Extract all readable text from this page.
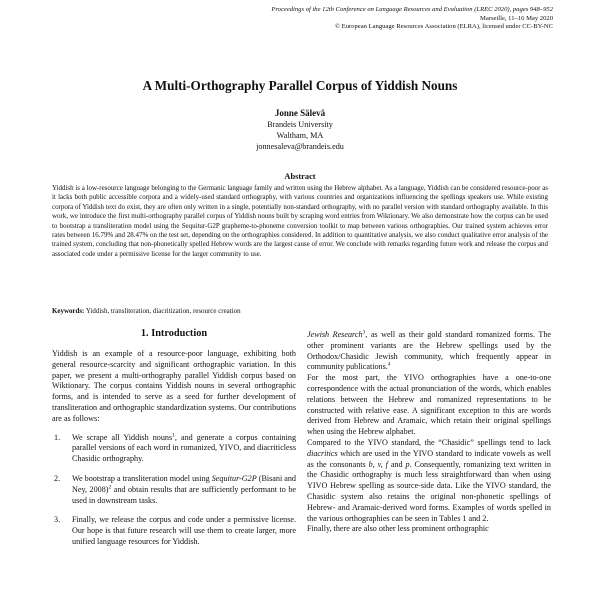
Proceedings of the 12th Conference on Language Resources and Evaluation (LREC 2020), pages 948–952
Marseille, 11–16 May 2020
© European Language Resources Association (ELRA), licensed under CC-BY-NC
A Multi-Orthography Parallel Corpus of Yiddish Nouns
Jonne Sälevä
Brandeis University
Waltham, MA
jonnesaleva@brandeis.edu
Abstract
Yiddish is a low-resource language belonging to the Germanic language family and written using the Hebrew alphabet. As a language, Yiddish can be considered resource-poor as it lacks both public accessible corpora and a widely-used standard orthography, with various countries and organizations influencing the spellings speakers use. While existing corpora of Yiddish text do exist, they are often only written in a single, potentially non-standard orthography, with no parallel version with standard orthography available. In this work, we introduce the first multi-orthography parallel corpus of Yiddish nouns built by scraping word entries from Wiktionary. We also demonstrate how the corpus can be used to bootstrap a transliteration model using the Sequitur-G2P grapheme-to-phoneme conversion toolkit to map between various orthographies. Our trained system achieves error rates between 16.79% and 28.47% on the test set, depending on the orthographies considered. In addition to quantitative analysis, we also conduct qualitative error analysis of the trained system, concluding that non-phonetically spelled Hebrew words are the largest cause of error. We conclude with remarks regarding future work and release the corpus and associated code under a permissive license for the larger community to use.
Keywords: Yiddish, transliteration, diacritization, resource creation
1. Introduction

Yiddish is an example of a resource-poor language, exhibiting both general resource-scarcity and significant orthographic variation. In this paper, we present a multi-orthography parallel Yiddish corpus based on Wiktionary. The corpus contains Yiddish nouns in several orthographic forms, and is intended to serve as a seed for further development of transliteration and orthographic standardization systems. Our contributions are as follows:

1. We scrape all Yiddish nouns$^1$, and generate a corpus containing parallel versions of each word in romanized, YIVO, and diacriticless Chasidic orthography.
2. We bootstrap a transliteration model using Sequitur-G2P (Bisani and Ney, 2008)$^2$ and obtain results that are sufficiently performant to be used in downstream tasks.
3. Finally, we release the corpus and code under a permissive license. Our hope is that future research will use them to create larger, more unified language resources for Yiddish.

Jewish Research$^3$, as well as their gold standard romanized forms. The other prominent variants are the Hebrew spellings used by the Orthodox/Chasidic Jewish community, which frequently appear in community publications.$^4$

For the most part, the YIVO orthographies have a one-to-one correspondence with the actual pronunciation of the words, which enables relations between the Hebrew and romanized representations to be constructed with relative ease. A significant exception to this are words derived from Hebrew and Aramaic, which retain their original spellings when using the Hebrew alphabet.

Compared to the YIVO standard, the “Chasidic” spellings tend to lack diacritics which are used in the YIVO standard to indicate vowels as well as the consonants b, v, f and p. Consequently, romanizing text written in the Chasidic orthography is much less straightforward than when using YIVO Hebrew spelling as source-side data. Like the YIVO standard, the Chasidic system also retains the original non-phonetic spellings of Hebrew- and Aramaic-derived word forms. Examples of words spelled in the various orthographies can be seen in Tables 1 and 2.

Finally, there are also other less prominent orthographic
